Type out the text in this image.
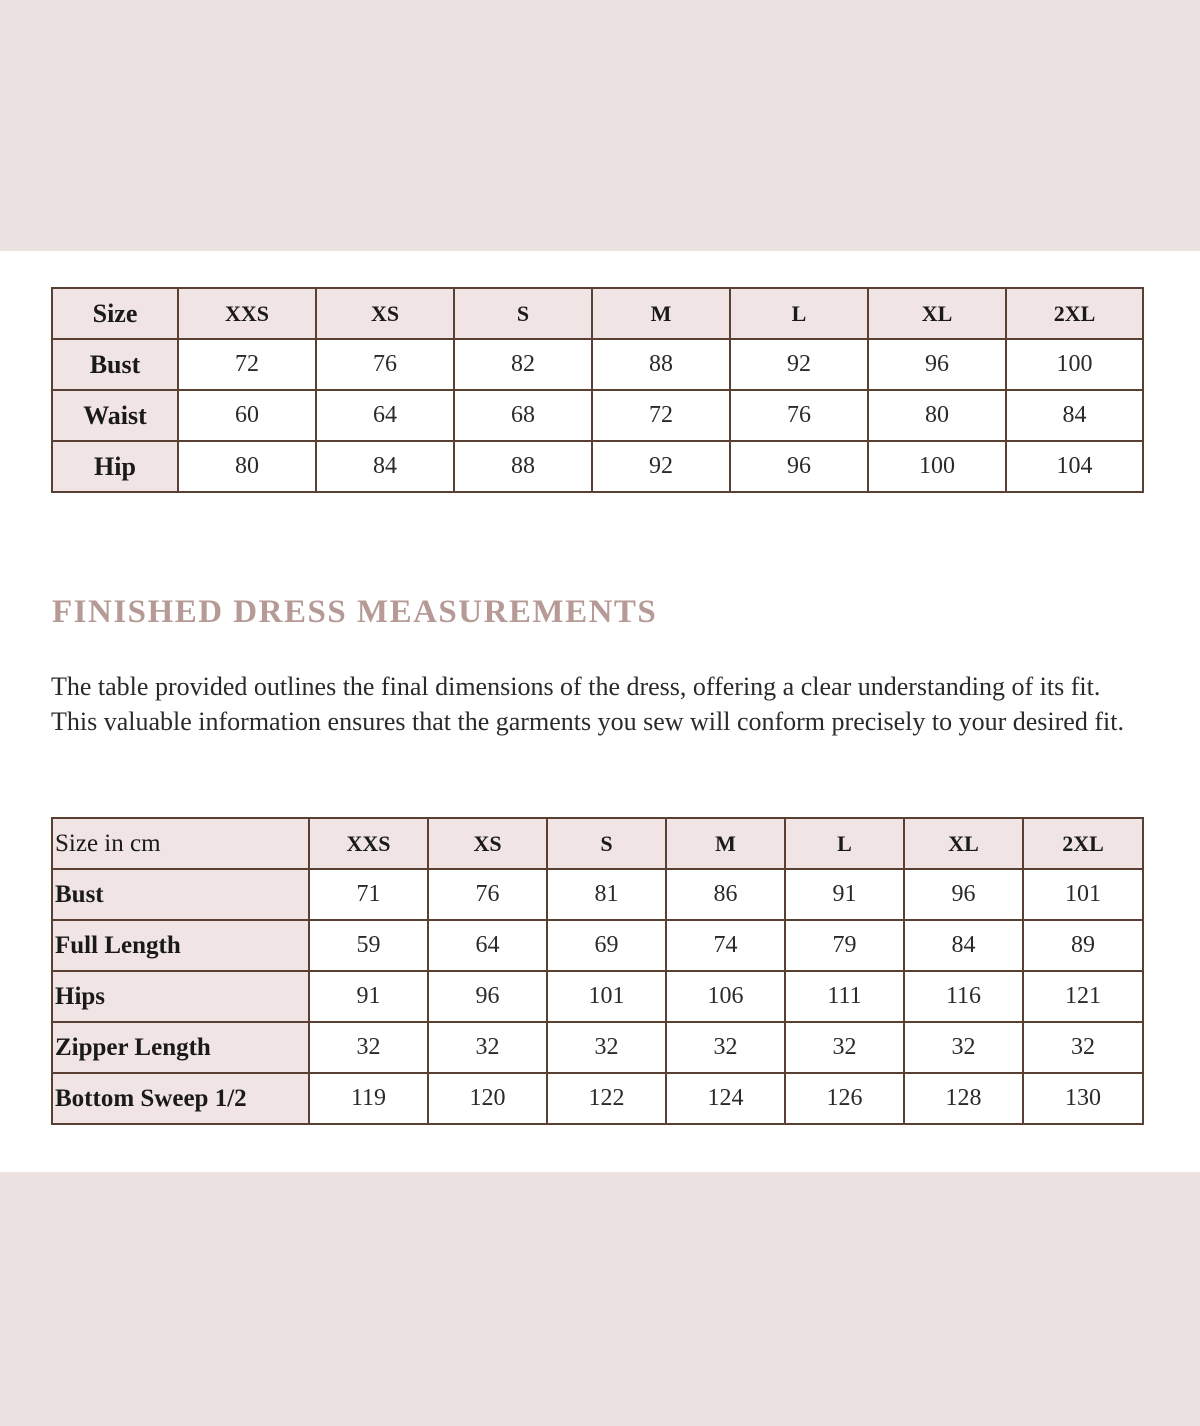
Size	XXS	XS	S	M	L	XL	2XL
Bust	72	76	82	88	92	96	100
Waist	60	64	68	72	76	80	84
Hip	80	84	88	92	96	100	104
FINISHED DRESS MEASUREMENTS

The table provided outlines the final dimensions of the dress, offering a clear understanding of its fit. This valuable information ensures that the garments you sew will conform precisely to your desired fit.

Size in cm	XXS	XS	S	M	L	XL	2XL
Bust	71	76	81	86	91	96	101
Full Length	59	64	69	74	79	84	89
Hips	91	96	101	106	111	116	121
Zipper Length	32	32	32	32	32	32	32
Bottom Sweep 1/2	119	120	122	124	126	128	130
